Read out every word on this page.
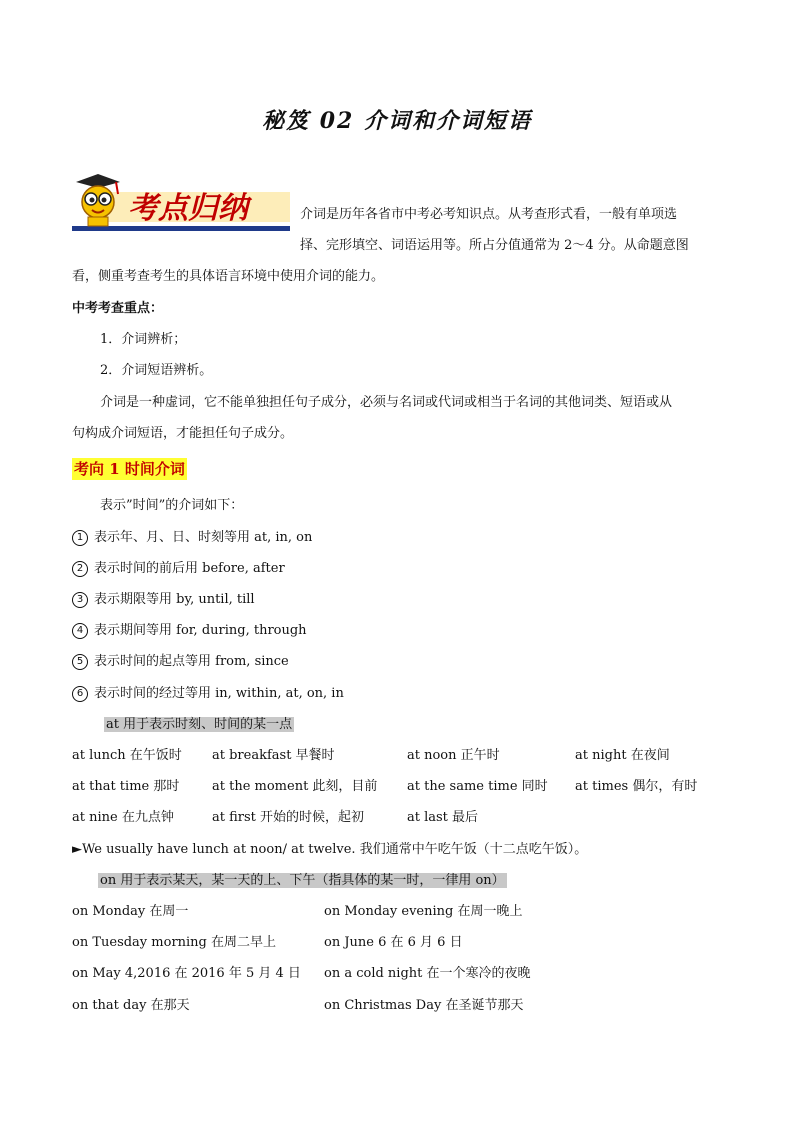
秘笈 02 介词和介词短语
考点归纳	介词是历年各省市中考必考知识点。从考查形式看，一般有单项选
择、完形填空、词语运用等。所占分值通常为 2～4 分。从命题意图
看，侧重考查考生的具体语言环境中使用介词的能力。
中考考查重点：
1．介词辨析；
2．介词短语辨析。
介词是一种虚词，它不能单独担任句子成分，必须与名词或代词或相当于名词的其他词类、短语或从
句构成介词短语，才能担任句子成分。
考向 1 时间介词
表示”时间”的介词如下：
1 表示年、月、日、时刻等用 at, in, on
2 表示时间的前后用 before, after
3 表示期限等用 by, until, till
4 表示期间等用 for, during, through
5 表示时间的起点等用 from, since
6 表示时间的经过等用 in, within, at, on, in
at 用于表示时刻、时间的某一点
at lunch 在午饭时 at breakfast 早餐时	at noon 正午时	at night 在夜间
at that time 那时	at the moment 此刻，目前 at the same time 同时 at times 偶尔，有时
at nine 在九点钟	at first 开始的时候，起初	at last 最后
►We usually have lunch at noon/ at twelve. 我们通常中午吃午饭（十二点吃午饭）。
on 用于表示某天，某一天的上、下午（指具体的某一时，一律用 on）
on Monday 在周一	on Monday evening 在周一晚上
on Tuesday morning 在周二早上	on June 6 在 6 月 6 日
on May 4,2016 在 2016 年 5 月 4 日 on a cold night 在一个寒冷的夜晚
on that day 在那天	on Christmas Day 在圣诞节那天
